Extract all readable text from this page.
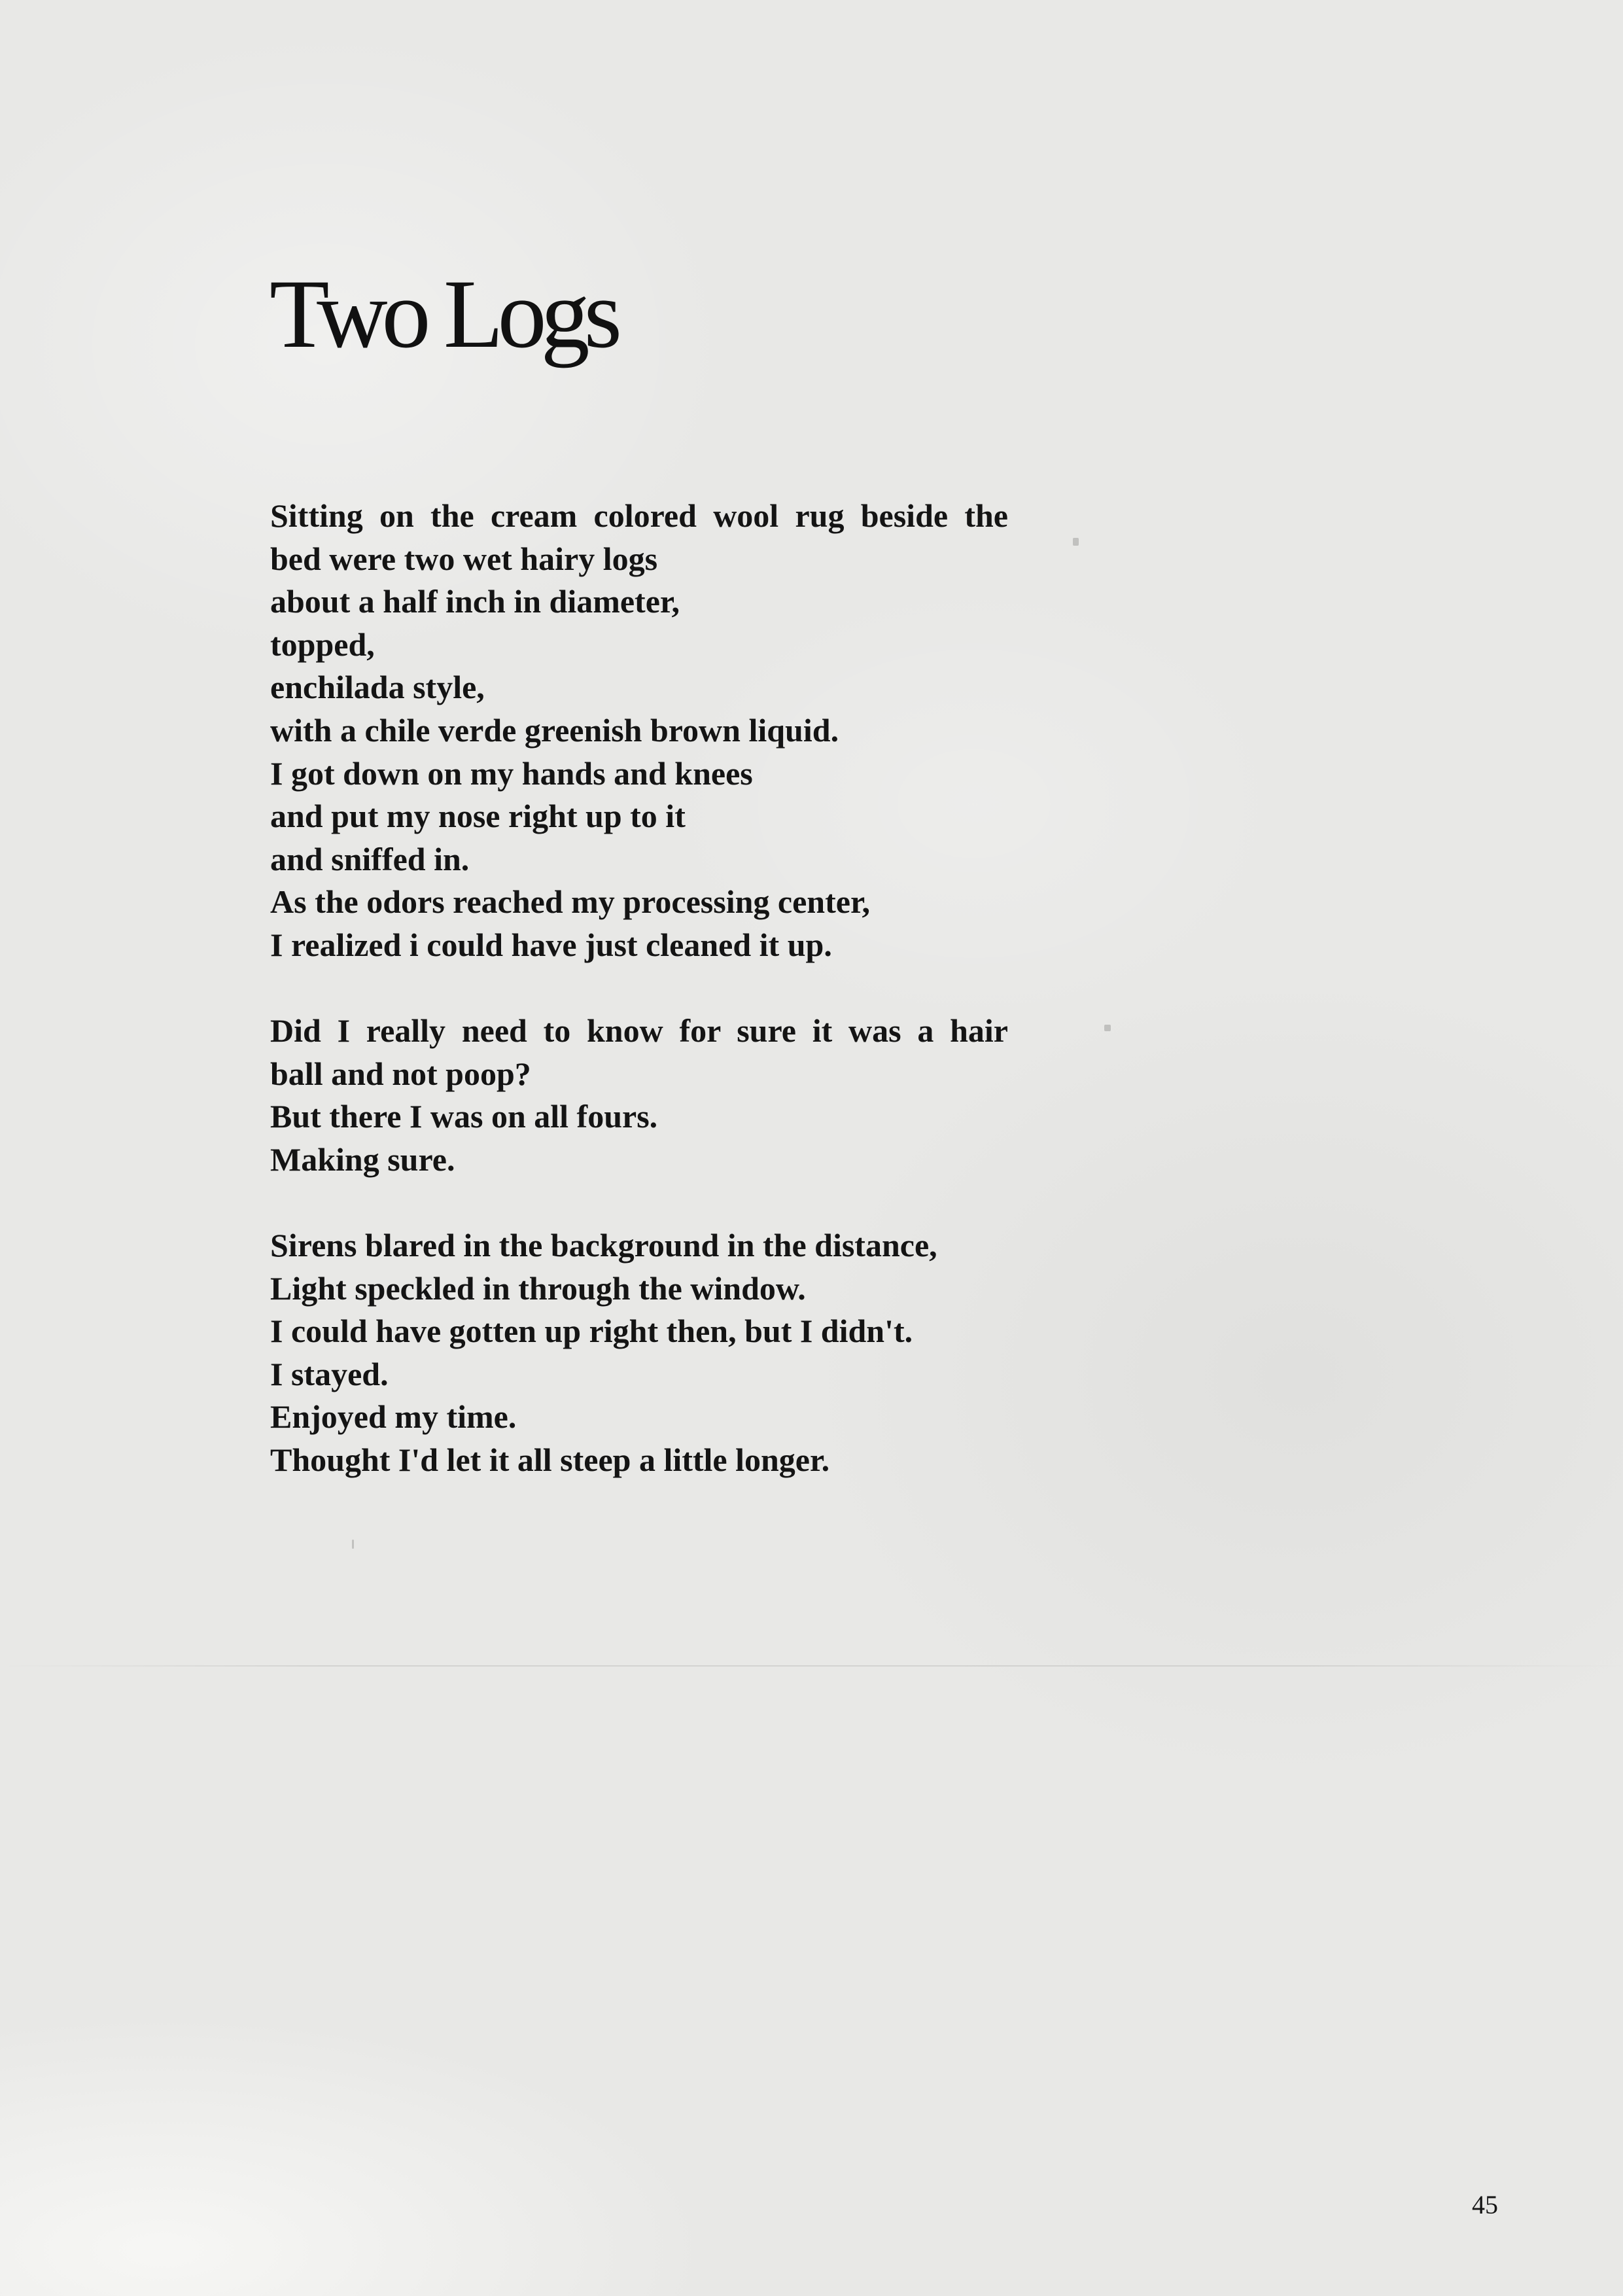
Two Logs
Sitting on the cream colored wool rug beside the
bed were two wet hairy logs
about a half inch in diameter,
topped,
enchilada style,
with a chile verde greenish brown liquid.
I got down on my hands and knees
and put my nose right up to it
and sniffed in.
As the odors reached my processing center,
I realized i could have just cleaned it up.
Did I really need to know for sure it was a hair
ball and not poop?
But there I was on all fours.
Making sure.
Sirens blared in the background in the distance,
Light speckled in through the window.
I could have gotten up right then, but I didn't.
I stayed.
Enjoyed my time.
Thought I'd let it all steep a little longer.
45
